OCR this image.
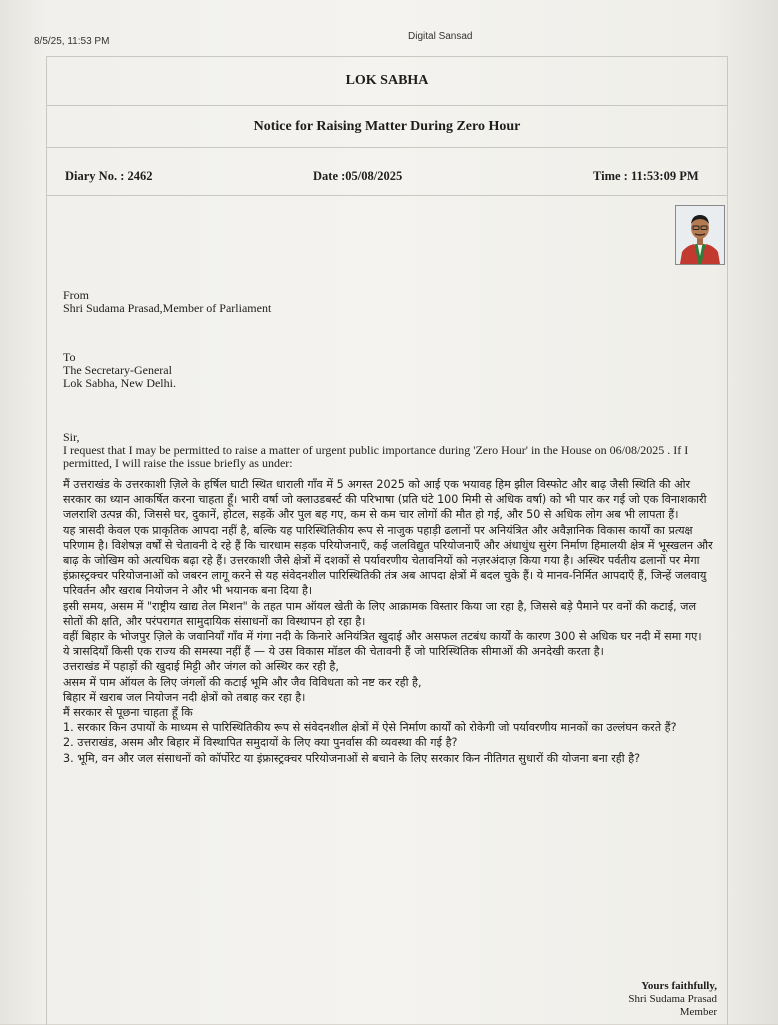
8/5/25, 11:53 PM	Digital Sansad
LOK SABHA
Notice for Raising Matter During Zero Hour
Diary No. : 2462	Date :05/08/2025	Time : 11:53:09 PM
From
Shri Sudama Prasad,Member of Parliament
To
The Secretary-General
Lok Sabha, New Delhi.

Sir,

I request that I may be permitted to raise a matter of urgent public importance during 'Zero Hour' in the House on 06/08/2025 . If I permitted, I will raise the issue briefly as under:

मैं उत्तराखंड के उत्तरकाशी ज़िले के हर्षिल घाटी स्थित धाराली गाँव में 5 अगस्त 2025 को आई एक भयावह हिम झील विस्फोट और बाढ़ जैसी स्थिति की ओर सरकार का ध्यान आकर्षित करना चाहता हूँ। भारी वर्षा जो क्लाउडबर्स्ट की परिभाषा (प्रति घंटे 100 मिमी से अधिक वर्षा) को भी पार कर गई जो एक विनाशकारी जलराशि उत्पन्न की, जिससे घर, दुकानें, होटल, सड़कें और पुल बह गए, कम से कम चार लोगों की मौत हो गई, और 50 से अधिक लोग अब भी लापता हैं।

यह त्रासदी केवल एक प्राकृतिक आपदा नहीं है, बल्कि यह पारिस्थितिकीय रूप से नाजुक पहाड़ी ढलानों पर अनियंत्रित और अवैज्ञानिक विकास कार्यों का प्रत्यक्ष परिणाम है। विशेषज्ञ वर्षों से चेतावनी दे रहे हैं कि चारधाम सड़क परियोजनाएँ, कई जलविद्युत परियोजनाएँ और अंधाधुंध सुरंग निर्माण हिमालयी क्षेत्र में भूस्खलन और बाढ़ के जोखिम को अत्यधिक बढ़ा रहे हैं। उत्तरकाशी जैसे क्षेत्रों में दशकों से पर्यावरणीय चेतावनियों को नज़रअंदाज़ किया गया है। अस्थिर पर्वतीय ढलानों पर मेगा इंफ्रास्ट्रक्चर परियोजनाओं को जबरन लागू करने से यह संवेदनशील पारिस्थितिकी तंत्र अब आपदा क्षेत्रों में बदल चुके हैं। ये मानव-निर्मित आपदाएँ हैं, जिन्हें जलवायु परिवर्तन और खराब नियोजन ने और भी भयानक बना दिया है।

इसी समय, असम में "राष्ट्रीय खाद्य तेल मिशन" के तहत पाम ऑयल खेती के लिए आक्रामक विस्तार किया जा रहा है, जिससे बड़े पैमाने पर वनों की कटाई, जल सोतों की क्षति, और परंपरागत सामुदायिक संसाधनों का विस्थापन हो रहा है।

वहीं बिहार के भोजपुर ज़िले के जवानियाँ गाँव में गंगा नदी के किनारे अनियंत्रित खुदाई और असफल तटबंध कार्यों के कारण 300 से अधिक घर नदी में समा गए।

ये त्रासदियाँ किसी एक राज्य की समस्या नहीं हैं — ये उस विकास मॉडल की चेतावनी हैं जो पारिस्थितिक सीमाओं की अनदेखी करता है।

उत्तराखंड में पहाड़ों की खुदाई मिट्टी और जंगल को अस्थिर कर रही है,

असम में पाम ऑयल के लिए जंगलों की कटाई भूमि और जैव विविधता को नष्ट कर रही है,

बिहार में खराब जल नियोजन नदी क्षेत्रों को तबाह कर रहा है।

मैं सरकार से पूछना चाहता हूँ कि

1. सरकार किन उपायों के माध्यम से पारिस्थितिकीय रूप से संवेदनशील क्षेत्रों में ऐसे निर्माण कार्यों को रोकेगी जो पर्यावरणीय मानकों का उल्लंघन करते हैं?

2. उत्तराखंड, असम और बिहार में विस्थापित समुदायों के लिए क्या पुनर्वास की व्यवस्था की गई है?

3. भूमि, वन और जल संसाधनों को कॉर्पोरेट या इंफ्रास्ट्रक्चर परियोजनाओं से बचाने के लिए सरकार किन नीतिगत सुधारों की योजना बना रही है?

Yours faithfully,
Shri Sudama Prasad
Member
